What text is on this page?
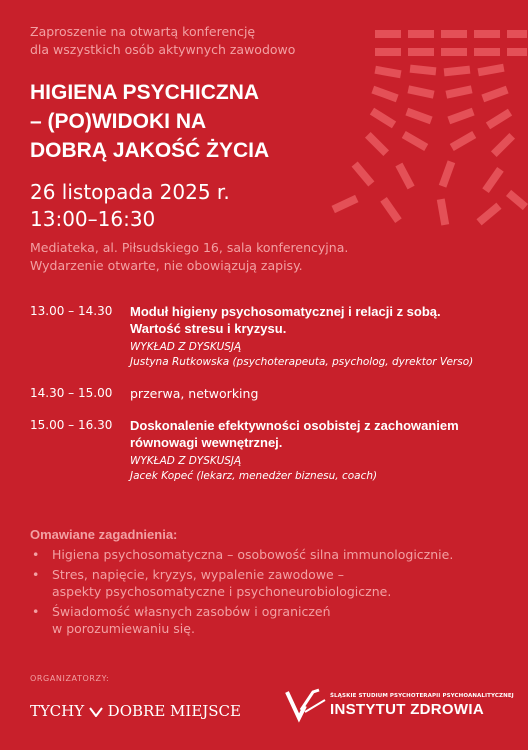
Zaproszenie na otwartą konferencję
dla wszystkich osób aktywnych zawodowo
HIGIENA PSYCHICZNA
– (PO)WIDOKI NA
DOBRĄ JAKOŚĆ ŻYCIA
26 listopada 2025 r.
13:00–16:30
Mediateka, al. Piłsudskiego 16, sala konferencyjna.
Wydarzenie otwarte, nie obowiązują zapisy.
13.00 – 14.30 Moduł higieny psychosomatycznej i relacji z sobą.
Wartość stresu i kryzysu.
WYKŁAD Z DYSKUSJĄ
Justyna Rutkowska (psychoterapeuta, psycholog, dyrektor Verso)
14.30 – 15.00 przerwa, networking
15.00 – 16.30 Doskonalenie efektywności osobistej z zachowaniem
równowagi wewnętrznej.
WYKŁAD Z DYSKUSJĄ
Jacek Kopeć (lekarz, menedżer biznesu, coach)
Omawiane zagadnienia:
• Higiena psychosomatyczna – osobowość silna immunologicznie.
• Stres, napięcie, kryzys, wypalenie zawodowe –
aspekty psychosomatyczne i psychoneurobiologiczne.
• Świadomość własnych zasobów i ograniczeń
w porozumiewaniu się.
ORGANIZATORZY:
TYCHY DOBRE MIEJSCE
ŚLĄSKIE STUDIUM PSYCHOTERAPII PSYCHOANALITYCZNEJ
INSTYTUT ZDROWIA
